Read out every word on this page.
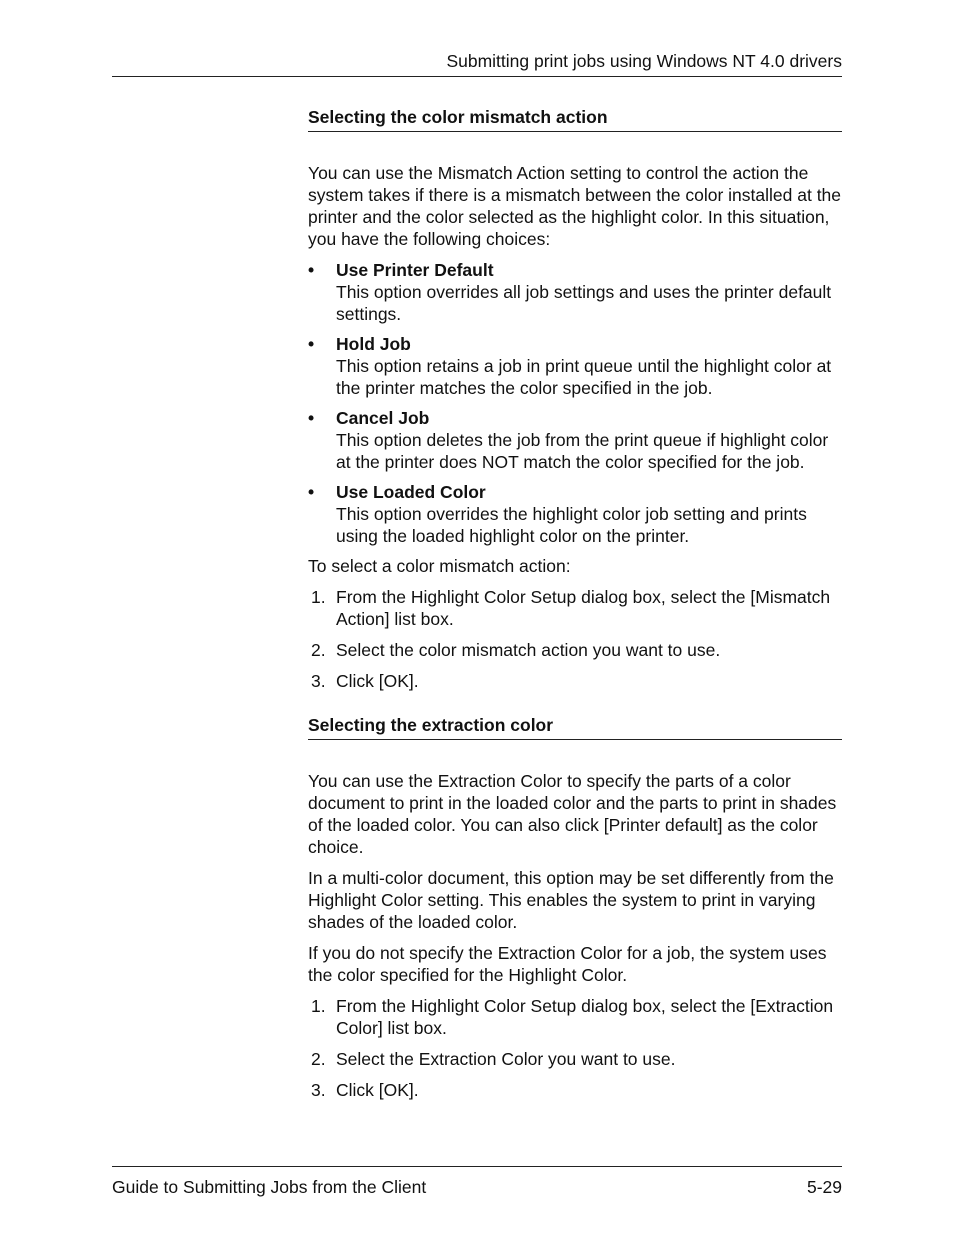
Submitting print jobs using Windows NT 4.0 drivers
Selecting the color mismatch action

You can use the Mismatch Action setting to control the action the system takes if there is a mismatch between the color installed at the printer and the color selected as the highlight color. In this situation, you have the following choices:

• Use Printer Default
This option overrides all job settings and uses the printer default settings.
• Hold Job
This option retains a job in print queue until the highlight color at the printer matches the color specified in the job.
• Cancel Job
This option deletes the job from the print queue if highlight color at the printer does NOT match the color specified for the job.
• Use Loaded Color
This option overrides the highlight color job setting and prints using the loaded highlight color on the printer.

To select a color mismatch action:

1. From the Highlight Color Setup dialog box, select the [Mismatch Action] list box.
2. Select the color mismatch action you want to use.
3. Click [OK].
Selecting the extraction color

You can use the Extraction Color to specify the parts of a color document to print in the loaded color and the parts to print in shades of the loaded color. You can also click [Printer default] as the color choice.

In a multi-color document, this option may be set differently from the Highlight Color setting. This enables the system to print in varying shades of the loaded color.

If you do not specify the Extraction Color for a job, the system uses the color specified for the Highlight Color.

1. From the Highlight Color Setup dialog box, select the [Extraction Color] list box.
2. Select the Extraction Color you want to use.
3. Click [OK].
Guide to Submitting Jobs from the Client	5-29
